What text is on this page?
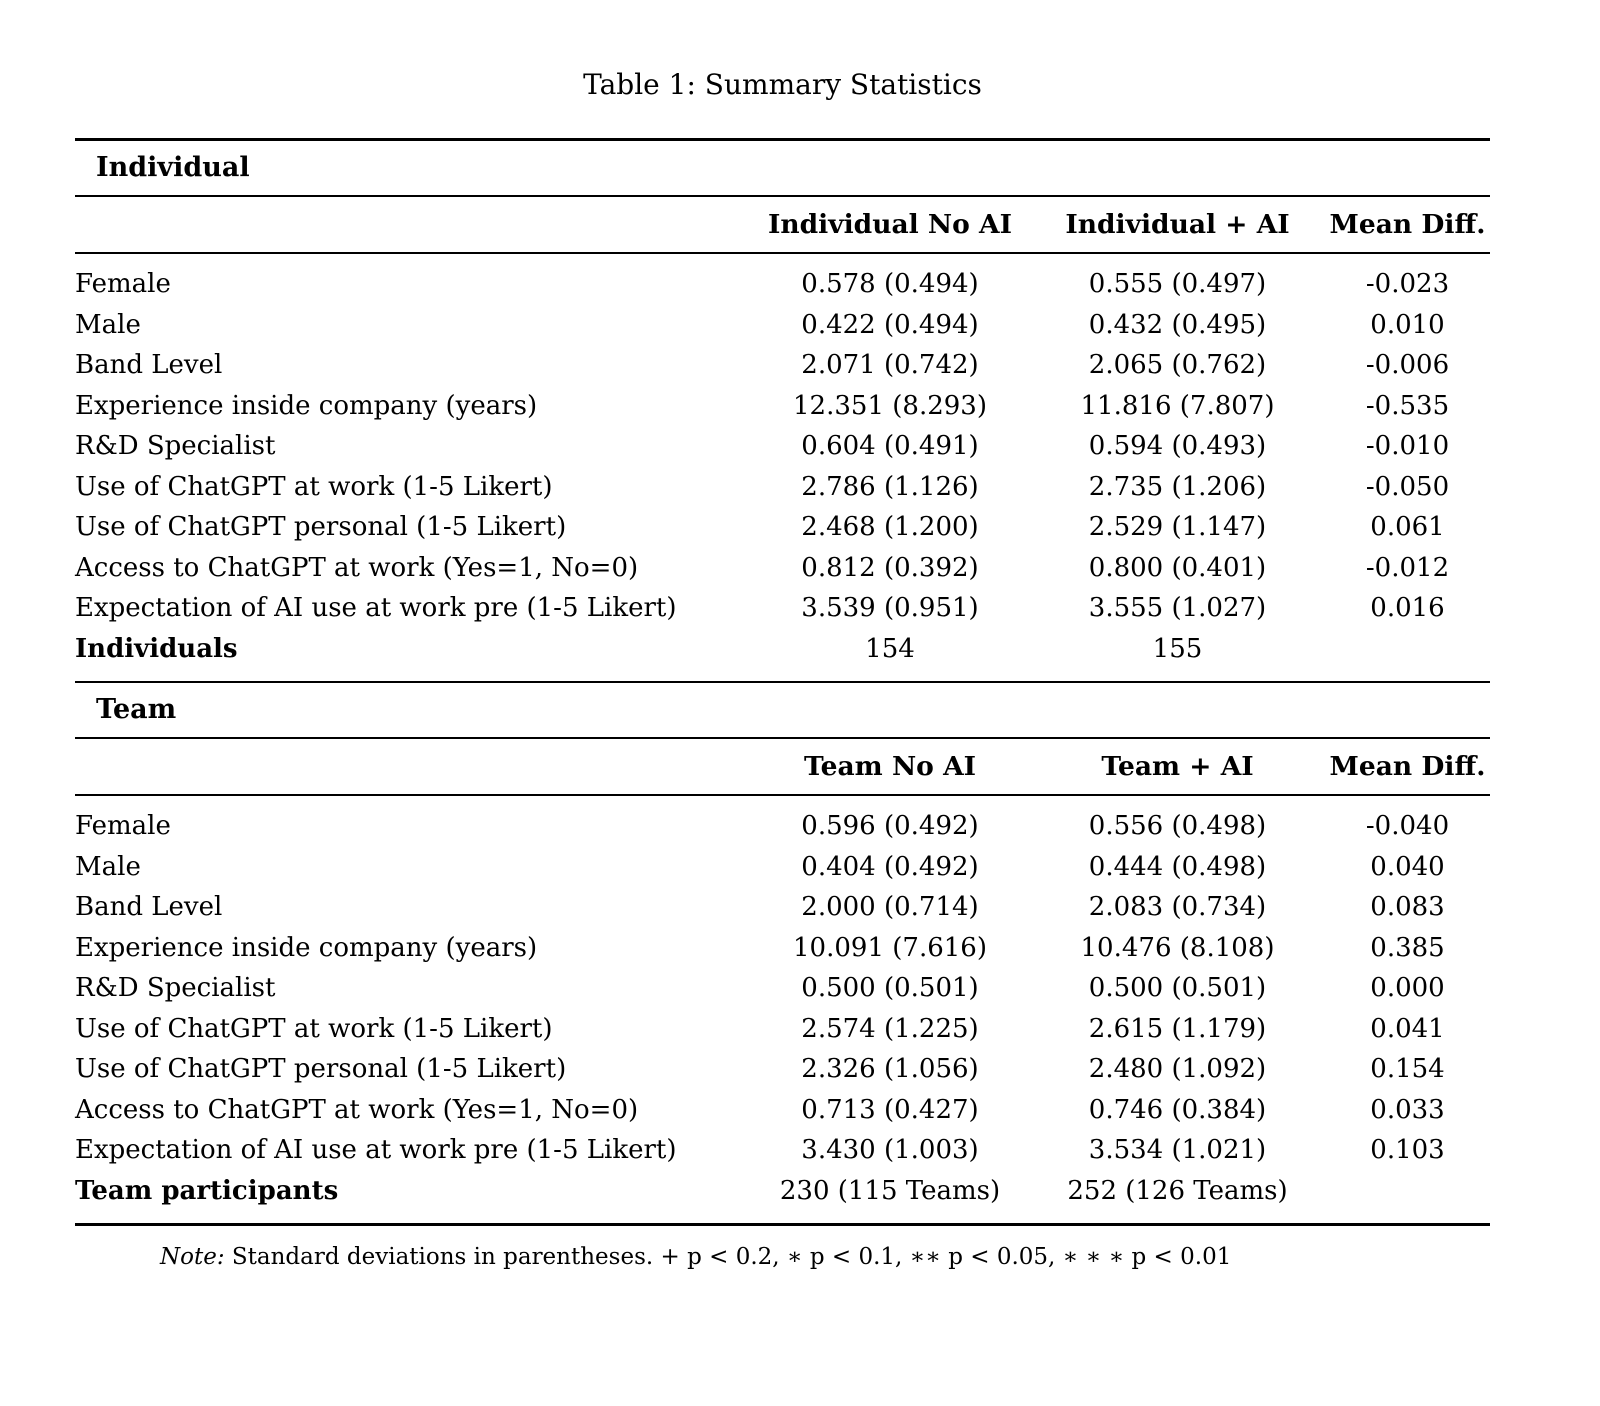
Table 1: Summary Statistics
Individual
Individual No AI	Individual + AI	Mean Diff.
Female	0.578 (0.494)	0.555 (0.497)	-0.023
Male	0.422 (0.494)	0.432 (0.495)	0.010
Band Level	2.071 (0.742)	2.065 (0.762)	-0.006
Experience inside company (years)	12.351 (8.293)	11.816 (7.807)	-0.535
R&D Specialist	0.604 (0.491)	0.594 (0.493)	-0.010
Use of ChatGPT at work (1-5 Likert)	2.786 (1.126)	2.735 (1.206)	-0.050
Use of ChatGPT personal (1-5 Likert)	2.468 (1.200)	2.529 (1.147)	0.061
Access to ChatGPT at work (Yes=1, No=0)	0.812 (0.392)	0.800 (0.401)	-0.012
Expectation of AI use at work pre (1-5 Likert)	3.539 (0.951)	3.555 (1.027)	0.016
Individuals	154	155
Team
Team No AI	Team + AI	Mean Diff.
Female	0.596 (0.492)	0.556 (0.498)	-0.040
Male	0.404 (0.492)	0.444 (0.498)	0.040
Band Level	2.000 (0.714)	2.083 (0.734)	0.083
Experience inside company (years)	10.091 (7.616)	10.476 (8.108)	0.385
R&D Specialist	0.500 (0.501)	0.500 (0.501)	0.000
Use of ChatGPT at work (1-5 Likert)	2.574 (1.225)	2.615 (1.179)	0.041
Use of ChatGPT personal (1-5 Likert)	2.326 (1.056)	2.480 (1.092)	0.154
Access to ChatGPT at work (Yes=1, No=0)	0.713 (0.427)	0.746 (0.384)	0.033
Expectation of AI use at work pre (1-5 Likert)	3.430 (1.003)	3.534 (1.021)	0.103
Team participants	230 (115 Teams)	252 (126 Teams)
Note: Standard deviations in parentheses. + p < 0.2, ∗ p < 0.1, ∗∗ p < 0.05, ∗ ∗ ∗ p < 0.01
